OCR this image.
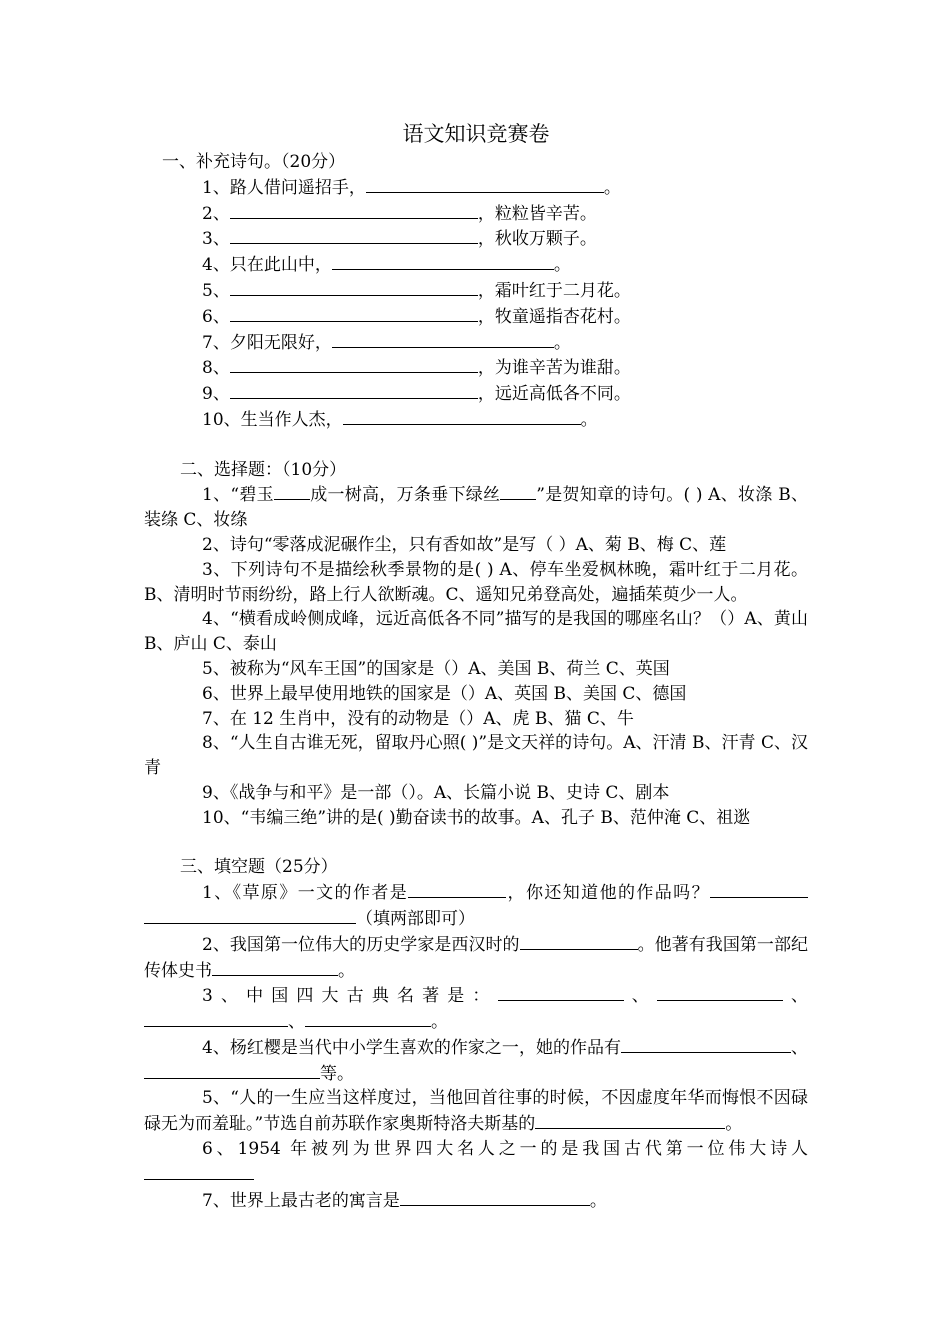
语文知识竞赛卷

一、补充诗句。（20分）

1、路人借问遥招手，	。

2、	，粒粒皆辛苦。

3、	，秋收万颗子。

4、只在此山中，	。

5、	，霜叶红于二月花。

6、	，牧童遥指杏花村。

7、夕阳无限好，	。

8、	，为谁辛苦为谁甜。

9、	，远近高低各不同。

10、生当作人杰，	。

二、选择题：（10分）

1、“碧玉 成一树高，万条垂下绿丝 ”是贺知章的诗句。( ) A、妆涤 B、装绦 C、妆绦

2、诗句“零落成泥碾作尘，只有香如故”是写（ ）A、菊 B、梅 C、莲

3、下列诗句不是描绘秋季景物的是( ) A、停车坐爱枫林晚，霜叶红于二月花。B、清明时节雨纷纷，路上行人欲断魂。C、遥知兄弟登高处，遍插茱萸少一人。

4、“横看成岭侧成峰，远近高低各不同”描写的是我国的哪座名山？（）A、黄山 B、庐山 C、泰山

5、被称为“风车王国”的国家是（）A、美国 B、荷兰 C、英国

6、世界上最早使用地铁的国家是（）A、英国 B、美国 C、德国

7、在 12 生肖中，没有的动物是（）A、虎 B、猫 C、牛

8、“人生自古谁无死，留取丹心照( )”是文天祥的诗句。A、汗清 B、汗青 C、汉青

9、《战争与和平》是一部（）。A、长篇小说 B、史诗 C、剧本

10、“韦编三绝”讲的是( )勤奋读书的故事。A、孔子 B、范仲淹 C、祖逖

三、填空题（25分）

1、《草原》一文的作者是	，你还知道他的作品吗？（填两部即可）

2、我国第一位伟大的历史学家是西汉时的	。他著有我国第一部纪传体史书	。

3、中国四大古典名著是：	、	、、	。

4、杨红樱是当代中小学生喜欢的作家之一，她的作品有	、等。

5、“人的一生应当这样度过，当他回首往事的时候，不因虚度年华而悔恨不因碌碌无为而羞耻。”节选自前苏联作家奥斯特洛夫斯基的	。

6、1954 年被列为世界四大名人之一的是我国古代第一位伟大诗人

7、世界上最古老的寓言是	。
